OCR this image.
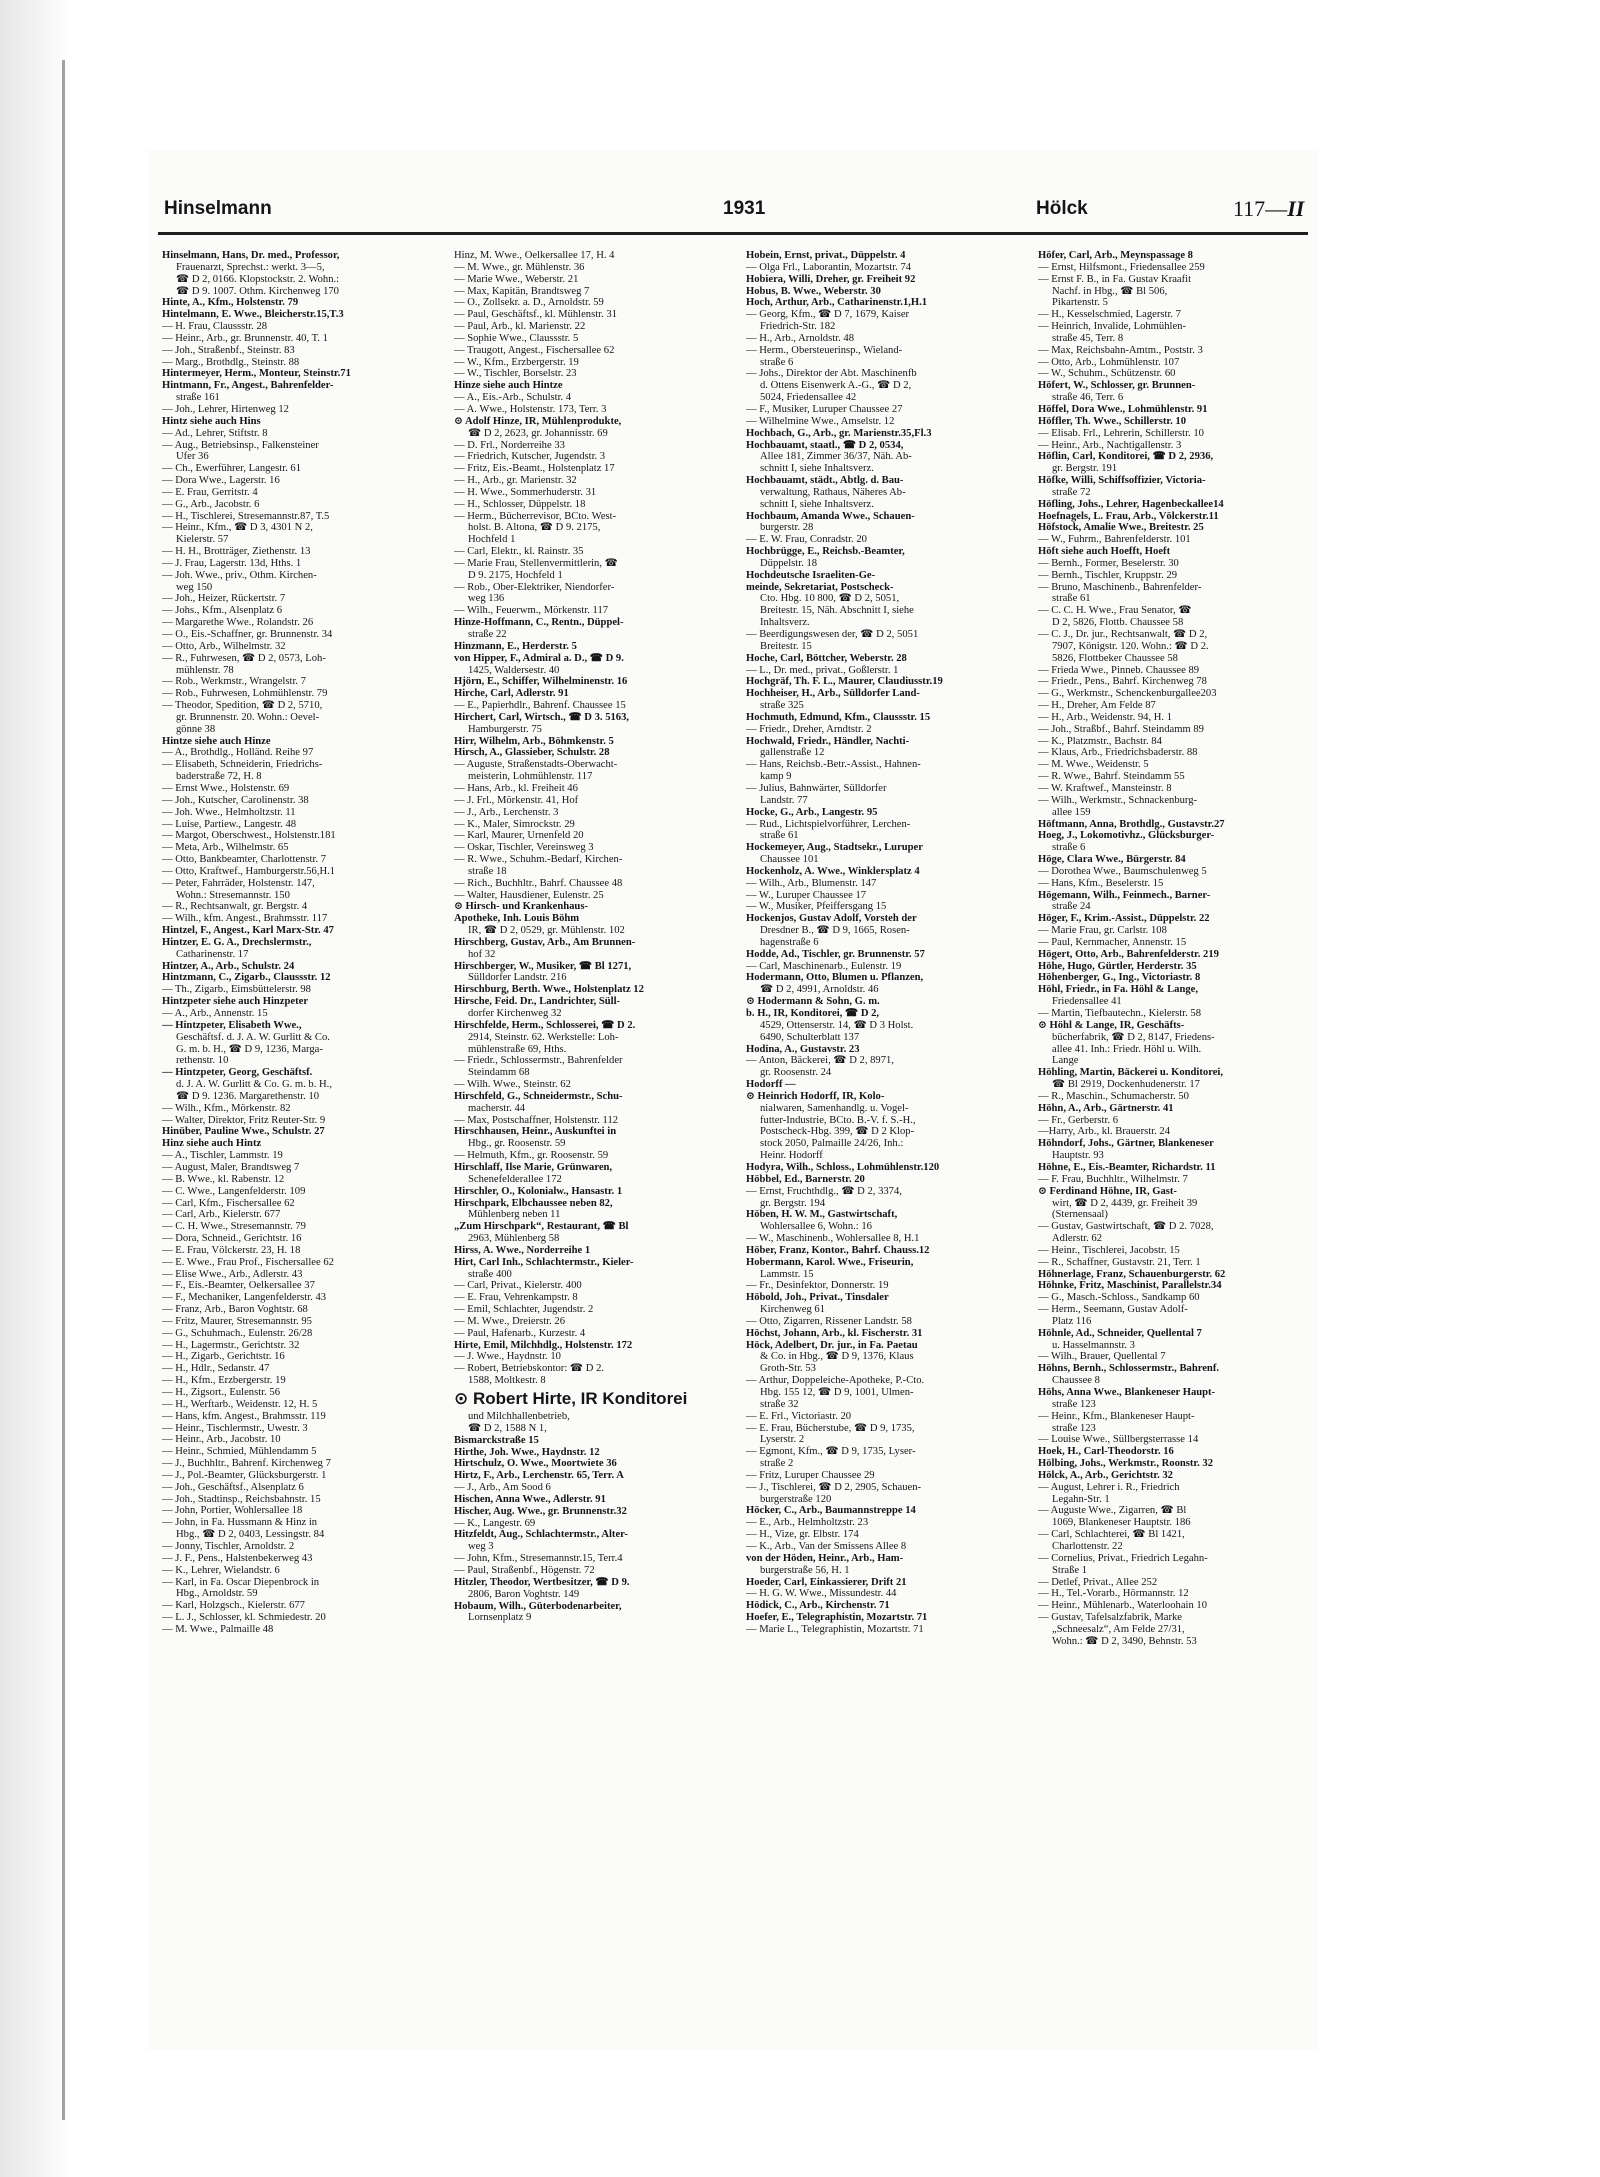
Hinselmann	1931	Hölck	117—II
Hinselmann, Hans, Dr. med., Professor,
Frauenarzt, Sprechst.: werkt. 3—5,
☎ D 2, 0166. Klopstockstr. 2. Wohn.:
☎ D 9. 1007. Othm. Kirchenweg 170
Hinte, A., Kfm., Holstenstr. 79
Hintelmann, E. Wwe., Bleicherstr.15,T.3
— H. Frau, Claussstr. 28
— Heinr., Arb., gr. Brunnenstr. 40, T. 1
— Joh., Straßenbf., Steinstr. 83
— Marg., Brothdlg., Steinstr. 88
Hintermeyer, Herm., Monteur, Steinstr.71
Hintmann, Fr., Angest., Bahrenfelder-
straße 161
— Joh., Lehrer, Hirtenweg 12
Hintz siehe auch Hins
— Ad., Lehrer, Stiftstr. 8
— Aug., Betriebsinsp., Falkensteiner
Ufer 36
— Ch., Ewerführer, Langestr. 61
— Dora Wwe., Lagerstr. 16
— E. Frau, Gerritstr. 4
— G., Arb., Jacobstr. 6
— H., Tischlerei, Stresemannstr.87, T.5
— Heinr., Kfm., ☎ D 3, 4301 N 2,
Kielerstr. 57
— H. H., Brotträger, Ziethenstr. 13
— J. Frau, Lagerstr. 13d, Hths. 1
— Joh. Wwe., priv., Othm. Kirchen-
weg 150
— Joh., Heizer, Rückertstr. 7
— Johs., Kfm., Alsenplatz 6
— Margarethe Wwe., Rolandstr. 26
— O., Eis.-Schaffner, gr. Brunnenstr. 34
— Otto, Arb., Wilhelmstr. 32
— R., Fuhrwesen, ☎ D 2, 0573, Loh-
mühlenstr. 78
— Rob., Werkmstr., Wrangelstr. 7
— Rob., Fuhrwesen, Lohmühlenstr. 79
— Theodor, Spedition, ☎ D 2, 5710,
gr. Brunnenstr. 20. Wohn.: Oevel-
gönne 38
Hintze siehe auch Hinze
— A., Brothdlg., Holländ. Reihe 97
— Elisabeth, Schneiderin, Friedrichs-
baderstraße 72, H. 8
— Ernst Wwe., Holstenstr. 69
— Joh., Kutscher, Carolinenstr. 38
— Joh. Wwe., Helmholtzstr. 11
— Luise, Partiew., Langestr. 48
— Margot, Oberschwest., Holstenstr.181
— Meta, Arb., Wilhelmstr. 65
— Otto, Bankbeamter, Charlottenstr. 7
— Otto, Kraftwef., Hamburgerstr.56,H.1
— Peter, Fahrräder, Holstenstr. 147,
Wohn.: Stresemannstr. 150
— R., Rechtsanwalt, gr. Bergstr. 4
— Wilh., kfm. Angest., Brahmsstr. 117
Hintzel, F., Angest., Karl Marx-Str. 47
Hintzer, E. G. A., Drechslermstr.,
Catharinenstr. 17
Hintzer, A., Arb., Schulstr. 24
Hintzmann, C., Zigarb., Claussstr. 12
— Th., Zigarb., Eimsbüttelerstr. 98
Hintzpeter siehe auch Hinzpeter
— A., Arb., Annenstr. 15
— Hintzpeter, Elisabeth Wwe.,
Geschäftsf. d. J. A. W. Gurlitt & Co.
G. m. b. H., ☎ D 9, 1236, Marga-
rethenstr. 10
— Hintzpeter, Georg, Geschäftsf.
d. J. A. W. Gurlitt & Co. G. m. b. H.,
☎ D 9. 1236. Margarethenstr. 10
— Wilh., Kfm., Mörkenstr. 82
— Walter, Direktor, Fritz Reuter-Str. 9
Hinüber, Pauline Wwe., Schulstr. 27
Hinz siehe auch Hintz
— A., Tischler, Lammstr. 19
— August, Maler, Brandtsweg 7
— B. Wwe., kl. Rabenstr. 12
— C. Wwe., Langenfelderstr. 109
— Carl, Kfm., Fischersallee 62
— Carl, Arb., Kielerstr. 677
— C. H. Wwe., Stresemannstr. 79
— Dora, Schneid., Gerichtstr. 16
— E. Frau, Völckerstr. 23, H. 18
— E. Wwe., Frau Prof., Fischersallee 62
— Elise Wwe., Arb., Adlerstr. 43
— F., Eis.-Beamter, Oelkersallee 37
— F., Mechaniker, Langenfelderstr. 43
— Franz, Arb., Baron Voghtstr. 68
— Fritz, Maurer, Stresemannstr. 95
— G., Schuhmach., Eulenstr. 26/28
— H., Lagermstr., Gerichtstr. 32
— H., Zigarb., Gerichtstr. 16
— H., Hdlr., Sedanstr. 47
— H., Kfm., Erzbergerstr. 19
— H., Zigsort., Eulenstr. 56
— H., Werftarb., Weidenstr. 12, H. 5
— Hans, kfm. Angest., Brahmsstr. 119
— Heinr., Tischlermstr., Uwestr. 3
— Heinr., Arb., Jacobstr. 10
— Heinr., Schmied, Mühlendamm 5
— J., Buchhltr., Bahrenf. Kirchenweg 7
— J., Pol.-Beamter, Glücksburgerstr. 1
— Joh., Geschäftsf., Alsenplatz 6
— Joh., Stadtinsp., Reichsbahnstr. 15
— John, Portier, Wohlersallee 18
— John, in Fa. Hussmann & Hinz in
Hbg., ☎ D 2, 0403, Lessingstr. 84
— Jonny, Tischler, Arnoldstr. 2
— J. F., Pens., Halstenbekerweg 43
— K., Lehrer, Wielandstr. 6
— Karl, in Fa. Oscar Diepenbrock in
Hbg., Arnoldstr. 59
— Karl, Holzgsch., Kielerstr. 677
— L. J., Schlosser, kl. Schmiedestr. 20
— M. Wwe., Palmaille 48
Hinz, M. Wwe., Oelkersallee 17, H. 4
— M. Wwe., gr. Mühlenstr. 36
— Marie Wwe., Weberstr. 21
— Max, Kapitän, Brandtsweg 7
— O., Zollsekr. a. D., Arnoldstr. 59
— Paul, Geschäftsf., kl. Mühlenstr. 31
— Paul, Arb., kl. Marienstr. 22
— Sophie Wwe., Claussstr. 5
— Traugott, Angest., Fischersallee 62
— W., Kfm., Erzbergerstr. 19
— W., Tischler, Borselstr. 23
Hinze siehe auch Hintze
— A., Eis.-Arb., Schulstr. 4
— A. Wwe., Holstenstr. 173, Terr. 3
⊙ Adolf Hinze, IR, Mühlenprodukte,
☎ D 2, 2623, gr. Johannisstr. 69
— D. Frl., Norderreihe 33
— Friedrich, Kutscher, Jugendstr. 3
— Fritz, Eis.-Beamt., Holstenplatz 17
— H., Arb., gr. Marienstr. 32
— H. Wwe., Sommerhuderstr. 31
— H., Schlosser, Düppelstr. 18
— Herm., Bücherrevisor, BCto. West-
holst. B. Altona, ☎ D 9. 2175,
Hochfeld 1
— Carl, Elektr., kl. Rainstr. 35
— Marie Frau, Stellenvermittlerin, ☎
D 9. 2175, Hochfeld 1
— Rob., Ober-Elektriker, Niendorfer-
weg 136
— Wilh., Feuerwm., Mörkenstr. 117
Hinze-Hoffmann, C., Rentn., Düppel-
straße 22
Hinzmann, E., Herderstr. 5
von Hipper, F., Admiral a. D., ☎ D 9.
1425, Waldersestr. 40
Hjörn, E., Schiffer, Wilhelminenstr. 16
Hirche, Carl, Adlerstr. 91
— E., Papierhdlr., Bahrenf. Chaussee 15
Hirchert, Carl, Wirtsch., ☎ D 3. 5163,
Hamburgerstr. 75
Hirr, Wilhelm, Arb., Böhmkenstr. 5
Hirsch, A., Glassieber, Schulstr. 28
— Auguste, Straßenstadts-Oberwacht-
meisterin, Lohmühlenstr. 117
— Hans, Arb., kl. Freiheit 46
— J. Frl., Mörkenstr. 41, Hof
— J., Arb., Lerchenstr. 3
— K., Maler, Simrockstr. 29
— Karl, Maurer, Urnenfeld 20
— Oskar, Tischler, Vereinsweg 3
— R. Wwe., Schuhm.-Bedarf, Kirchen-
straße 18
— Rich., Buchhltr., Bahrf. Chaussee 48
— Walter, Hausdiener, Eulenstr. 25
⊙ Hirsch- und Krankenhaus-
Apotheke, Inh. Louis Böhm
IR, ☎ D 2, 0529, gr. Mühlenstr. 102
Hirschberg, Gustav, Arb., Am Brunnen-
hof 32
Hirschberger, W., Musiker, ☎ Bl 1271,
Sülldorfer Landstr. 216
Hirschburg, Berth. Wwe., Holstenplatz 12
Hirsche, Feid. Dr., Landrichter, Süll-
dorfer Kirchenweg 32
Hirschfelde, Herm., Schlosserei, ☎ D 2.
2914, Steinstr. 62. Werkstelle: Loh-
mühlenstraße 69, Hths.
— Friedr., Schlossermstr., Bahrenfelder
Steindamm 68
— Wilh. Wwe., Steinstr. 62
Hirschfeld, G., Schneidermstr., Schu-
macherstr. 44
— Max, Postschaffner, Holstenstr. 112
Hirschhausen, Heinr., Auskunftei in
Hbg., gr. Roosenstr. 59
— Helmuth, Kfm., gr. Roosenstr. 59
Hirschlaff, Ilse Marie, Grünwaren,
Schenefelderallee 172
Hirschler, O., Kolonialw., Hansastr. 1
Hirschpark, Elbchaussee neben 82,
Mühlenberg neben 11
„Zum Hirschpark“, Restaurant, ☎ Bl
2963, Mühlenberg 58
Hirss, A. Wwe., Norderreihe 1
Hirt, Carl Inh., Schlachtermstr., Kieler-
straße 400
— Carl, Privat., Kielerstr. 400
— E. Frau, Vehrenkampstr. 8
— Emil, Schlachter, Jugendstr. 2
— M. Wwe., Dreierstr. 26
— Paul, Hafenarb., Kurzestr. 4
Hirte, Emil, Milchhdlg., Holstenstr. 172
— J. Wwe., Haydnstr. 10
— Robert, Betriebskontor: ☎ D 2.
1588, Moltkestr. 8
⊙ Robert Hirte, IR Konditorei
und Milchhallenbetrieb,
☎ D 2, 1588 N 1,
Bismarckstraße 15
Hirthe, Joh. Wwe., Haydnstr. 12
Hirtschulz, O. Wwe., Moortwiete 36
Hirtz, F., Arb., Lerchenstr. 65, Terr. A
— J., Arb., Am Sood 6
Hischen, Anna Wwe., Adlerstr. 91
Hischer, Aug. Wwe., gr. Brunnenstr.32
— K., Langestr. 69
Hitzfeldt, Aug., Schlachtermstr., Alter-
weg 3
— John, Kfm., Stresemannstr.15, Terr.4
— Paul, Straßenbf., Högenstr. 72
Hitzler, Theodor, Wertbesitzer, ☎ D 9.
2806, Baron Voghtstr. 149
Hobaum, Wilh., Güterbodenarbeiter,
Lornsenplatz 9
Hobein, Ernst, privat., Düppelstr. 4
— Olga Frl., Laborantin, Mozartstr. 74
Hobiera, Willi, Dreher, gr. Freiheit 92
Hobus, B. Wwe., Weberstr. 30
Hoch, Arthur, Arb., Catharinenstr.1,H.1
— Georg, Kfm., ☎ D 7, 1679, Kaiser
Friedrich-Str. 182
— H., Arb., Arnoldstr. 48
— Herm., Obersteuerinsp., Wieland-
straße 6
— Johs., Direktor der Abt. Maschinenfb
d. Ottens Eisenwerk A.-G., ☎ D 2,
5024, Friedensallee 42
— F., Musiker, Luruper Chaussee 27
— Wilhelmine Wwe., Amselstr. 12
Hochbach, G., Arb., gr. Marienstr.35,Fl.3
Hochbauamt, staatl., ☎ D 2, 0534,
Allee 181, Zimmer 36/37, Näh. Ab-
schnitt I, siehe Inhaltsverz.
Hochbauamt, städt., Abtlg. d. Bau-
verwaltung, Rathaus, Näheres Ab-
schnitt I, siehe Inhaltsverz.
Hochbaum, Amanda Wwe., Schauen-
burgerstr. 28
— E. W. Frau, Conradstr. 20
Hochbrügge, E., Reichsb.-Beamter,
Düppelstr. 18
Hochdeutsche Israeliten-Ge-
meinde, Sekretariat, Postscheck-
Cto. Hbg. 10 800, ☎ D 2, 5051,
Breitestr. 15, Näh. Abschnitt I, siehe
Inhaltsverz.
— Beerdigungswesen der, ☎ D 2, 5051
Breitestr. 15
Hoche, Carl, Böttcher, Weberstr. 28
— L., Dr. med., privat., Goßlerstr. 1
Hochgräf, Th. F. L., Maurer, Claudiusstr.19
Hochheiser, H., Arb., Sülldorfer Land-
straße 325
Hochmuth, Edmund, Kfm., Claussstr. 15
— Friedr., Dreher, Arndtstr. 2
Hochwald, Friedr., Händler, Nachti-
gallenstraße 12
— Hans, Reichsb.-Betr.-Assist., Hahnen-
kamp 9
— Julius, Bahnwärter, Sülldorfer
Landstr. 77
Hocke, G., Arb., Langestr. 95
— Rud., Lichtspielvorführer, Lerchen-
straße 61
Hockemeyer, Aug., Stadtsekr., Luruper
Chaussee 101
Hockenholz, A. Wwe., Winklersplatz 4
— Wilh., Arb., Blumenstr. 147
— W., Luruper Chaussee 17
— W., Musiker, Pfeiffersgang 15
Hockenjos, Gustav Adolf, Vorsteh der
Dresdner B., ☎ D 9, 1665, Rosen-
hagenstraße 6
Hodde, Ad., Tischler, gr. Brunnenstr. 57
— Carl, Maschinenarb., Eulenstr. 19
Hodermann, Otto, Blumen u. Pflanzen,
☎ D 2, 4991, Arnoldstr. 46
⊙ Hodermann & Sohn, G. m.
b. H., IR, Konditorei, ☎ D 2,
4529, Ottenserstr. 14, ☎ D 3 Holst.
6490, Schulterblatt 137
Hodina, A., Gustavstr. 23
— Anton, Bäckerei, ☎ D 2, 8971,
gr. Roosenstr. 24
Hodorff —
⊙ Heinrich Hodorff, IR, Kolo-
nialwaren, Samenhandlg. u. Vogel-
futter-Industrie, BCto. B.-V. f. S.-H.,
Postscheck-Hbg. 399, ☎ D 2 Klop-
stock 2050, Palmaille 24/26, Inh.:
Heinr. Hodorff
Hodyra, Wilh., Schloss., Lohmühlenstr.120
Höbbel, Ed., Barnerstr. 20
— Ernst, Fruchthdlg., ☎ D 2, 3374,
gr. Bergstr. 194
Höben, H. W. M., Gastwirtschaft,
Wohlersallee 6, Wohn.: 16
— W., Maschinenb., Wohlersallee 8, H.1
Höber, Franz, Kontor., Bahrf. Chauss.12
Hobermann, Karol. Wwe., Friseurin,
Lammstr. 15
— Fr., Desinfektor, Donnerstr. 19
Höbold, Joh., Privat., Tinsdaler
Kirchenweg 61
— Otto, Zigarren, Rissener Landstr. 58
Höchst, Johann, Arb., kl. Fischerstr. 31
Höck, Adelbert, Dr. jur., in Fa. Paetau
& Co. in Hbg., ☎ D 9, 1376, Klaus
Groth-Str. 53
— Arthur, Doppeleiche-Apotheke, P.-Cto.
Hbg. 155 12, ☎ D 9, 1001, Ulmen-
straße 32
— E. Frl., Victoriastr. 20
— E. Frau, Bücherstube, ☎ D 9, 1735,
Lyserstr. 2
— Egmont, Kfm., ☎ D 9, 1735, Lyser-
straße 2
— Fritz, Luruper Chaussee 29
— J., Tischlerei, ☎ D 2, 2905, Schauen-
burgerstraße 120
Höcker, C., Arb., Baumannstreppe 14
— E., Arb., Helmholtzstr. 23
— H., Vize, gr. Elbstr. 174
— K., Arb., Van der Smissens Allee 8
von der Höden, Heinr., Arb., Ham-
burgerstraße 56, H. 1
Hoeder, Carl, Einkassierer, Drift 21
— H. G. W. Wwe., Missundestr. 44
Hödick, C., Arb., Kirchenstr. 71
Hoefer, E., Telegraphistin, Mozartstr. 71
— Marie L., Telegraphistin, Mozartstr. 71
Höfer, Carl, Arb., Meynspassage 8
— Ernst, Hilfsmont., Friedensallee 259
— Ernst F. B., in Fa. Gustav Kraafit
Nachf. in Hbg., ☎ Bl 506,
Pikartenstr. 5
— H., Kesselschmied, Lagerstr. 7
— Heinrich, Invalide, Lohmühlen-
straße 45, Terr. 8
— Max, Reichsbahn-Amtm., Poststr. 3
— Otto, Arb., Lohmühlenstr. 107
— W., Schuhm., Schützenstr. 60
Höfert, W., Schlosser, gr. Brunnen-
straße 46, Terr. 6
Höffel, Dora Wwe., Lohmühlenstr. 91
Höffler, Th. Wwe., Schillerstr. 10
— Elisab. Frl., Lehrerin, Schillerstr. 10
— Heinr., Arb., Nachtigallenstr. 3
Höflin, Carl, Konditorei, ☎ D 2, 2936,
gr. Bergstr. 191
Höfke, Willi, Schiffsoffizier, Victoria-
straße 72
Höfling, Johs., Lehrer, Hagenbeckallee14
Hoefnagels, L. Frau, Arb., Völckerstr.11
Höfstock, Amalie Wwe., Breitestr. 25
— W., Fuhrm., Bahrenfelderstr. 101
Höft siehe auch Hoefft, Hoeft
— Bernh., Former, Beselerstr. 30
— Bernh., Tischler, Kruppstr. 29
— Bruno, Maschinenb., Bahrenfelder-
straße 61
— C. C. H. Wwe., Frau Senator, ☎
D 2, 5826, Flottb. Chaussee 58
— C. J., Dr. jur., Rechtsanwalt, ☎ D 2,
7907, Königstr. 120. Wohn.: ☎ D 2.
5826, Flottbeker Chaussee 58
— Frieda Wwe., Pinneb. Chaussee 89
— Friedr., Pens., Bahrf. Kirchenweg 78
— G., Werkmstr., Schenckenburgallee203
— H., Dreher, Am Felde 87
— H., Arb., Weidenstr. 94, H. 1
— Joh., Straßbf., Bahrf. Steindamm 89
— K., Platzmstr., Bachstr. 84
— Klaus, Arb., Friedrichsbaderstr. 88
— M. Wwe., Weidenstr. 5
— R. Wwe., Bahrf. Steindamm 55
— W. Kraftwef., Mansteinstr. 8
— Wilh., Werkmstr., Schnackenburg-
allee 159
Höftmann, Anna, Brothdlg., Gustavstr.27
Hoeg, J., Lokomotivhz., Glücksburger-
straße 6
Höge, Clara Wwe., Bürgerstr. 84
— Dorothea Wwe., Baumschulenweg 5
— Hans, Kfm., Beselerstr. 15
Högemann, Wilh., Feinmech., Barner-
straße 24
Höger, F., Krim.-Assist., Düppelstr. 22
— Marie Frau, gr. Carlstr. 108
— Paul, Kernmacher, Annenstr. 15
Högert, Otto, Arb., Bahrenfelderstr. 219
Höhe, Hugo, Gürtler, Herderstr. 35
Höhenberger, G., Ing., Victoriastr. 8
Höhl, Friedr., in Fa. Höhl & Lange,
Friedensallee 41
— Martin, Tiefbautechn., Kielerstr. 58
⊙ Höhl & Lange, IR, Geschäfts-
bücherfabrik, ☎ D 2, 8147, Friedens-
allee 41. Inh.: Friedr. Höhl u. Wilh.
Lange
Höhling, Martin, Bäckerei u. Konditorei,
☎ Bl 2919, Dockenhudenerstr. 17
— R., Maschin., Schumacherstr. 50
Höhn, A., Arb., Gärtnerstr. 41
— Fr., Gerberstr. 6
—Harry, Arb., kl. Brauerstr. 24
Höhndorf, Johs., Gärtner, Blankeneser
Hauptstr. 93
Höhne, E., Eis.-Beamter, Richardstr. 11
— F. Frau, Buchhltr., Wilhelmstr. 7
⊙ Ferdinand Höhne, IR, Gast-
wirt, ☎ D 2, 4439, gr. Freiheit 39
(Sternensaal)
— Gustav, Gastwirtschaft, ☎ D 2. 7028,
Adlerstr. 62
— Heinr., Tischlerei, Jacobstr. 15
— R., Schaffner, Gustavstr. 21, Terr. 1
Höhnerlage, Franz, Schauenburgerstr. 62
Höhnke, Fritz, Maschinist, Parallelstr.34
— G., Masch.-Schloss., Sandkamp 60
— Herm., Seemann, Gustav Adolf-
Platz 116
Höhnle, Ad., Schneider, Quellental 7
u. Hasselmannstr. 3
— Wilh., Brauer, Quellental 7
Höhns, Bernh., Schlossermstr., Bahrenf.
Chaussee 8
Höhs, Anna Wwe., Blankeneser Haupt-
straße 123
— Heinr., Kfm., Blankeneser Haupt-
straße 123
— Louise Wwe., Süllbergsterrasse 14
Hoek, H., Carl-Theodorstr. 16
Hölbing, Johs., Werkmstr., Roonstr. 32
Hölck, A., Arb., Gerichtstr. 32
— August, Lehrer i. R., Friedrich
Legahn-Str. 1
— Auguste Wwe., Zigarren, ☎ Bl
1069, Blankeneser Hauptstr. 186
— Carl, Schlachterei, ☎ Bl 1421,
Charlottenstr. 22
— Cornelius, Privat., Friedrich Legahn-
Straße 1
— Detlef, Privat., Allee 252
— H., Tel.-Vorarb., Hörmannstr. 12
— Heinr., Mühlenarb., Waterloohain 10
— Gustav, Tafelsalzfabrik, Marke
„Schneesalz“, Am Felde 27/31,
Wohn.: ☎ D 2, 3490, Behnstr. 53
